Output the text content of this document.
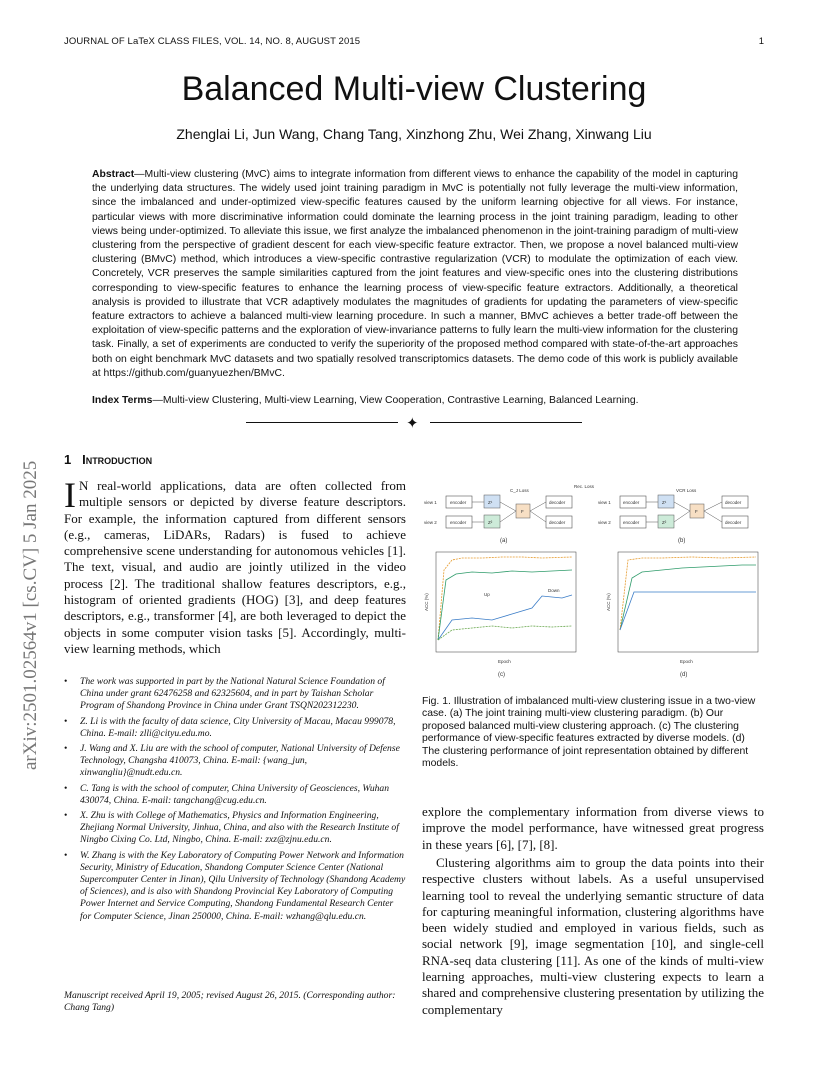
JOURNAL OF LaTeX CLASS FILES, VOL. 14, NO. 8, AUGUST 2015	1
Balanced Multi-view Clustering
Zhenglai Li, Jun Wang, Chang Tang, Xinzhong Zhu, Wei Zhang, Xinwang Liu
Abstract—Multi-view clustering (MvC) aims to integrate information from different views to enhance the capability of the model in capturing the underlying data structures. The widely used joint training paradigm in MvC is potentially not fully leverage the multi-view information, since the imbalanced and under-optimized view-specific features caused by the uniform learning objective for all views. For instance, particular views with more discriminative information could dominate the learning process in the joint training paradigm, leading to other views being under-optimized. To alleviate this issue, we first analyze the imbalanced phenomenon in the joint-training paradigm of multi-view clustering from the perspective of gradient descent for each view-specific feature extractor. Then, we propose a novel balanced multi-view clustering (BMvC) method, which introduces a view-specific contrastive regularization (VCR) to modulate the optimization of each view. Concretely, VCR preserves the sample similarities captured from the joint features and view-specific ones into the clustering distributions corresponding to view-specific features to enhance the learning process of view-specific feature extractors. Additionally, a theoretical analysis is provided to illustrate that VCR adaptively modulates the magnitudes of gradients for updating the parameters of view-specific feature extractors to achieve a balanced multi-view learning procedure. In such a manner, BMvC achieves a better trade-off between the exploitation of view-specific patterns and the exploration of view-invariance patterns to fully learn the multi-view information for the clustering task. Finally, a set of experiments are conducted to verify the superiority of the proposed method compared with state-of-the-art approaches both on eight benchmark MvC datasets and two spatially resolved transcriptomics datasets. The demo code of this work is publicly available at https://github.com/guanyuezhen/BMvC.
Index Terms—Multi-view Clustering, Multi-view Learning, View Cooperation, Contrastive Learning, Balanced Learning.
✦
arXiv:2501.02564v1 [cs.CV] 5 Jan 2025
1 Introduction
I N real-world applications, data are often collected from multiple sensors or depicted by diverse feature descriptors. For example, the information captured from different sensors (e.g., cameras, LiDARs, Radars) is fused to achieve comprehensive scene understanding for autonomous vehicles [1]. The text, visual, and audio are jointly utilized in the video process [2]. The traditional shallow features descriptors, e.g., histogram of oriented gradients (HOG) [3], and deep features descriptors, e.g., transformer [4], are both leveraged to depict the objects in some computer vision tasks [5]. Accordingly, multi-view learning methods, which
• The work was supported in part by the National Natural Science Foundation of China under grant 62476258 and 62325604, and in part by Taishan Scholar Program of Shandong Province in China under Grant TSQN202312230.
• Z. Li is with the faculty of data science, City University of Macau, Macau 999078, China. E-mail: zlli@cityu.edu.mo.
• J. Wang and X. Liu are with the school of computer, National University of Defense Technology, Changsha 410073, China. E-mail: {wang_jun, xinwangliu}@nudt.edu.cn.
• C. Tang is with the school of computer, China University of Geosciences, Wuhan 430074, China. E-mail: tangchang@cug.edu.cn.
• X. Zhu is with College of Mathematics, Physics and Information Engineering, Zhejiang Normal University, Jinhua, China, and also with the Research Institute of Ningbo Cixing Co. Ltd, Ningbo, China. E-mail: zxz@zjnu.edu.cn.
• W. Zhang is with the Key Laboratory of Computing Power Network and Information Security, Ministry of Education, Shandong Computer Science Center (National Supercomputer Center in Jinan), Qilu University of Technology (Shandong Academy of Sciences), and is also with Shandong Provincial Key Laboratory of Computing Power Internet and Service Computing, Shandong Fundamental Research Center for Computer Science, Jinan 250000, China. E-mail: wzhang@qlu.edu.cn.
Manuscript received April 19, 2005; revised August 26, 2015. (Corresponding author: Chang Tang)
view 1
view 2
encoder
encoder
Z¹
Z²
F
C_J Loss
decoder
decoder
Rec. Loss
(a)
view 1
view 2
encoder
encoder
Z¹
Z²
F
VCR Loss
decoder
decoder
(b)
Up
Down
Epoch
ACC (%)
(c)
Epoch
ACC (%)
(d)
Fig. 1. Illustration of imbalanced multi-view clustering issue in a two-view case. (a) The joint training multi-view clustering paradigm. (b) Our proposed balanced multi-view clustering approach. (c) The clustering performance of view-specific features extracted by diverse models. (d) The clustering performance of joint representation obtained by different models.
explore the complementary information from diverse views to improve the model performance, have witnessed great progress in these years [6], [7], [8].
Clustering algorithms aim to group the data points into their respective clusters without labels. As a useful unsupervised learning tool to reveal the underlying semantic structure of data for capturing meaningful information, clustering algorithms have been widely studied and employed in various fields, such as social network [9], image segmentation [10], and single-cell RNA-seq data clustering [11]. As one of the kinds of multi-view learning approaches, multi-view clustering expects to learn a shared and comprehensive clustering presentation by utilizing the complementary
